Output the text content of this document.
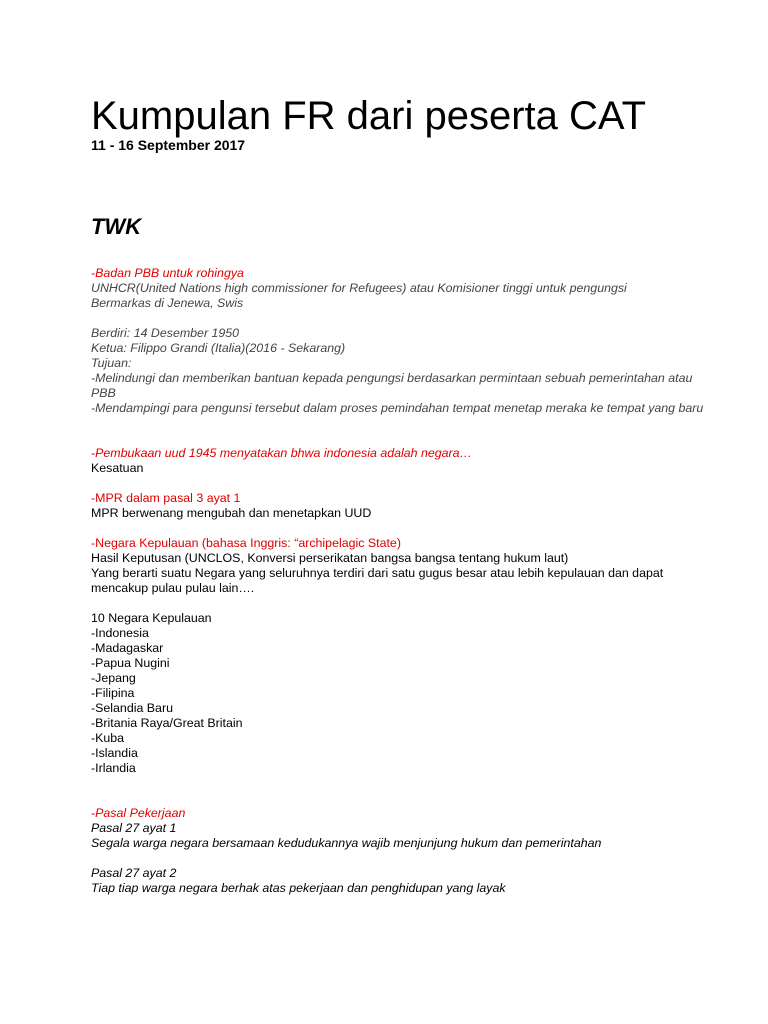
Kumpulan FR dari peserta CAT

11 - 16 September 2017

TWK

-Badan PBB untuk rohingya

UNHCR(United Nations high commissioner for Refugees) atau Komisioner tinggi untuk pengungsi

Bermarkas di Jenewa, Swis

Berdiri: 14 Desember 1950

Ketua: Filippo Grandi (Italia)(2016 - Sekarang)

Tujuan:

-Melindungi dan memberikan bantuan kepada pengungsi berdasarkan permintaan sebuah pemerintahan atau PBB

-Mendampingi para pengunsi tersebut dalam proses pemindahan tempat menetap meraka ke tempat yang baru

-Pembukaan uud 1945 menyatakan bhwa indonesia adalah negara…

Kesatuan

-MPR dalam pasal 3 ayat 1

MPR berwenang mengubah dan menetapkan UUD

-Negara Kepulauan (bahasa Inggris: “archipelagic State)

Hasil Keputusan (UNCLOS, Konversi perserikatan bangsa bangsa tentang hukum laut)

Yang berarti suatu Negara yang seluruhnya terdiri dari satu gugus besar atau lebih kepulauan dan dapat mencakup pulau pulau lain….

10 Negara Kepulauan

-Indonesia

-Madagaskar

-Papua Nugini

-Jepang

-Filipina

-Selandia Baru

-Britania Raya/Great Britain

-Kuba

-Islandia

-Irlandia

-Pasal Pekerjaan

Pasal 27 ayat 1

Segala warga negara bersamaan kedudukannya wajib menjunjung hukum dan pemerintahan

Pasal 27 ayat 2

Tiap tiap warga negara berhak atas pekerjaan dan penghidupan yang layak
